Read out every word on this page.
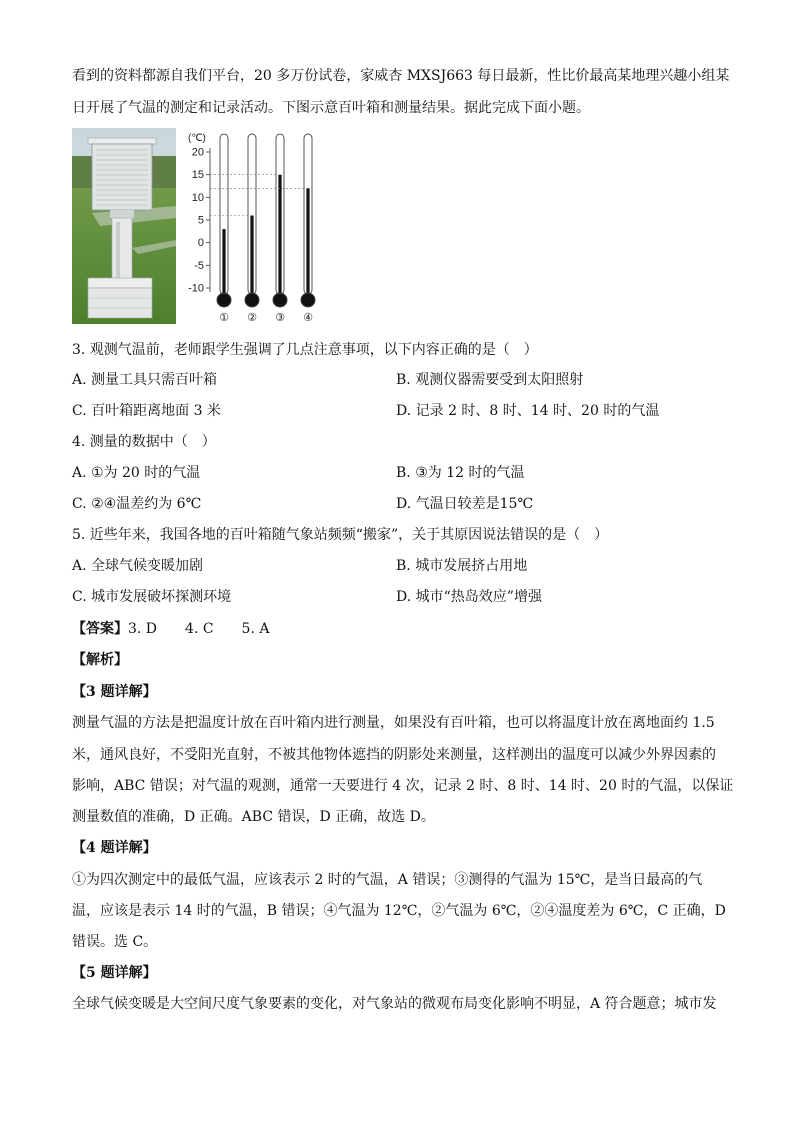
看到的资料都源自我们平台，20 多万份试卷，家威杏 MXSJ663 每日最新，性比价最高某地理兴趣小组某
日开展了气温的测定和记录活动。下图示意百叶箱和测量结果。据此完成下面小题。
(℃)
20
15
10
5
0
-5
-10
① ② ③ ④
3. 观测气温前，老师跟学生强调了几点注意事项，以下内容正确的是（　）
A. 测量工具只需百叶箱	B. 观测仪器需要受到太阳照射
C. 百叶箱距离地面 3 米	D. 记录 2 时、8 时、14 时、20 时的气温
4. 测量的数据中（　）
A. ①为 20 时的气温	B. ③为 12 时的气温
C. ②④温差约为 6℃	D. 气温日较差是15℃
5. 近些年来，我国各地的百叶箱随气象站频频“搬家”，关于其原因说法错误的是（　）
A. 全球气候变暖加剧	B. 城市发展挤占用地
C. 城市发展破坏探测环境	D. 城市“热岛效应”增强
【答案】3. D　　4. C　　5. A
【解析】
【3 题详解】
测量气温的方法是把温度计放在百叶箱内进行测量，如果没有百叶箱，也可以将温度计放在离地面约 1.5
米，通风良好，不受阳光直射，不被其他物体遮挡的阴影处来测量，这样测出的温度可以减少外界因素的
影响，ABC 错误；对气温的观测，通常一天要进行 4 次，记录 2 时、8 时、14 时、20 时的气温，以保证
测量数值的准确，D 正确。ABC 错误，D 正确，故选 D。
【4 题详解】
①为四次测定中的最低气温，应该表示 2 时的气温，A 错误；③测得的气温为 15℃，是当日最高的气
温，应该是表示 14 时的气温，B 错误；④气温为 12℃，②气温为 6℃，②④温度差为 6℃，C 正确，D
错误。选 C。
【5 题详解】
全球气候变暖是大空间尺度气象要素的变化，对气象站的微观布局变化影响不明显，A 符合题意；城市发
